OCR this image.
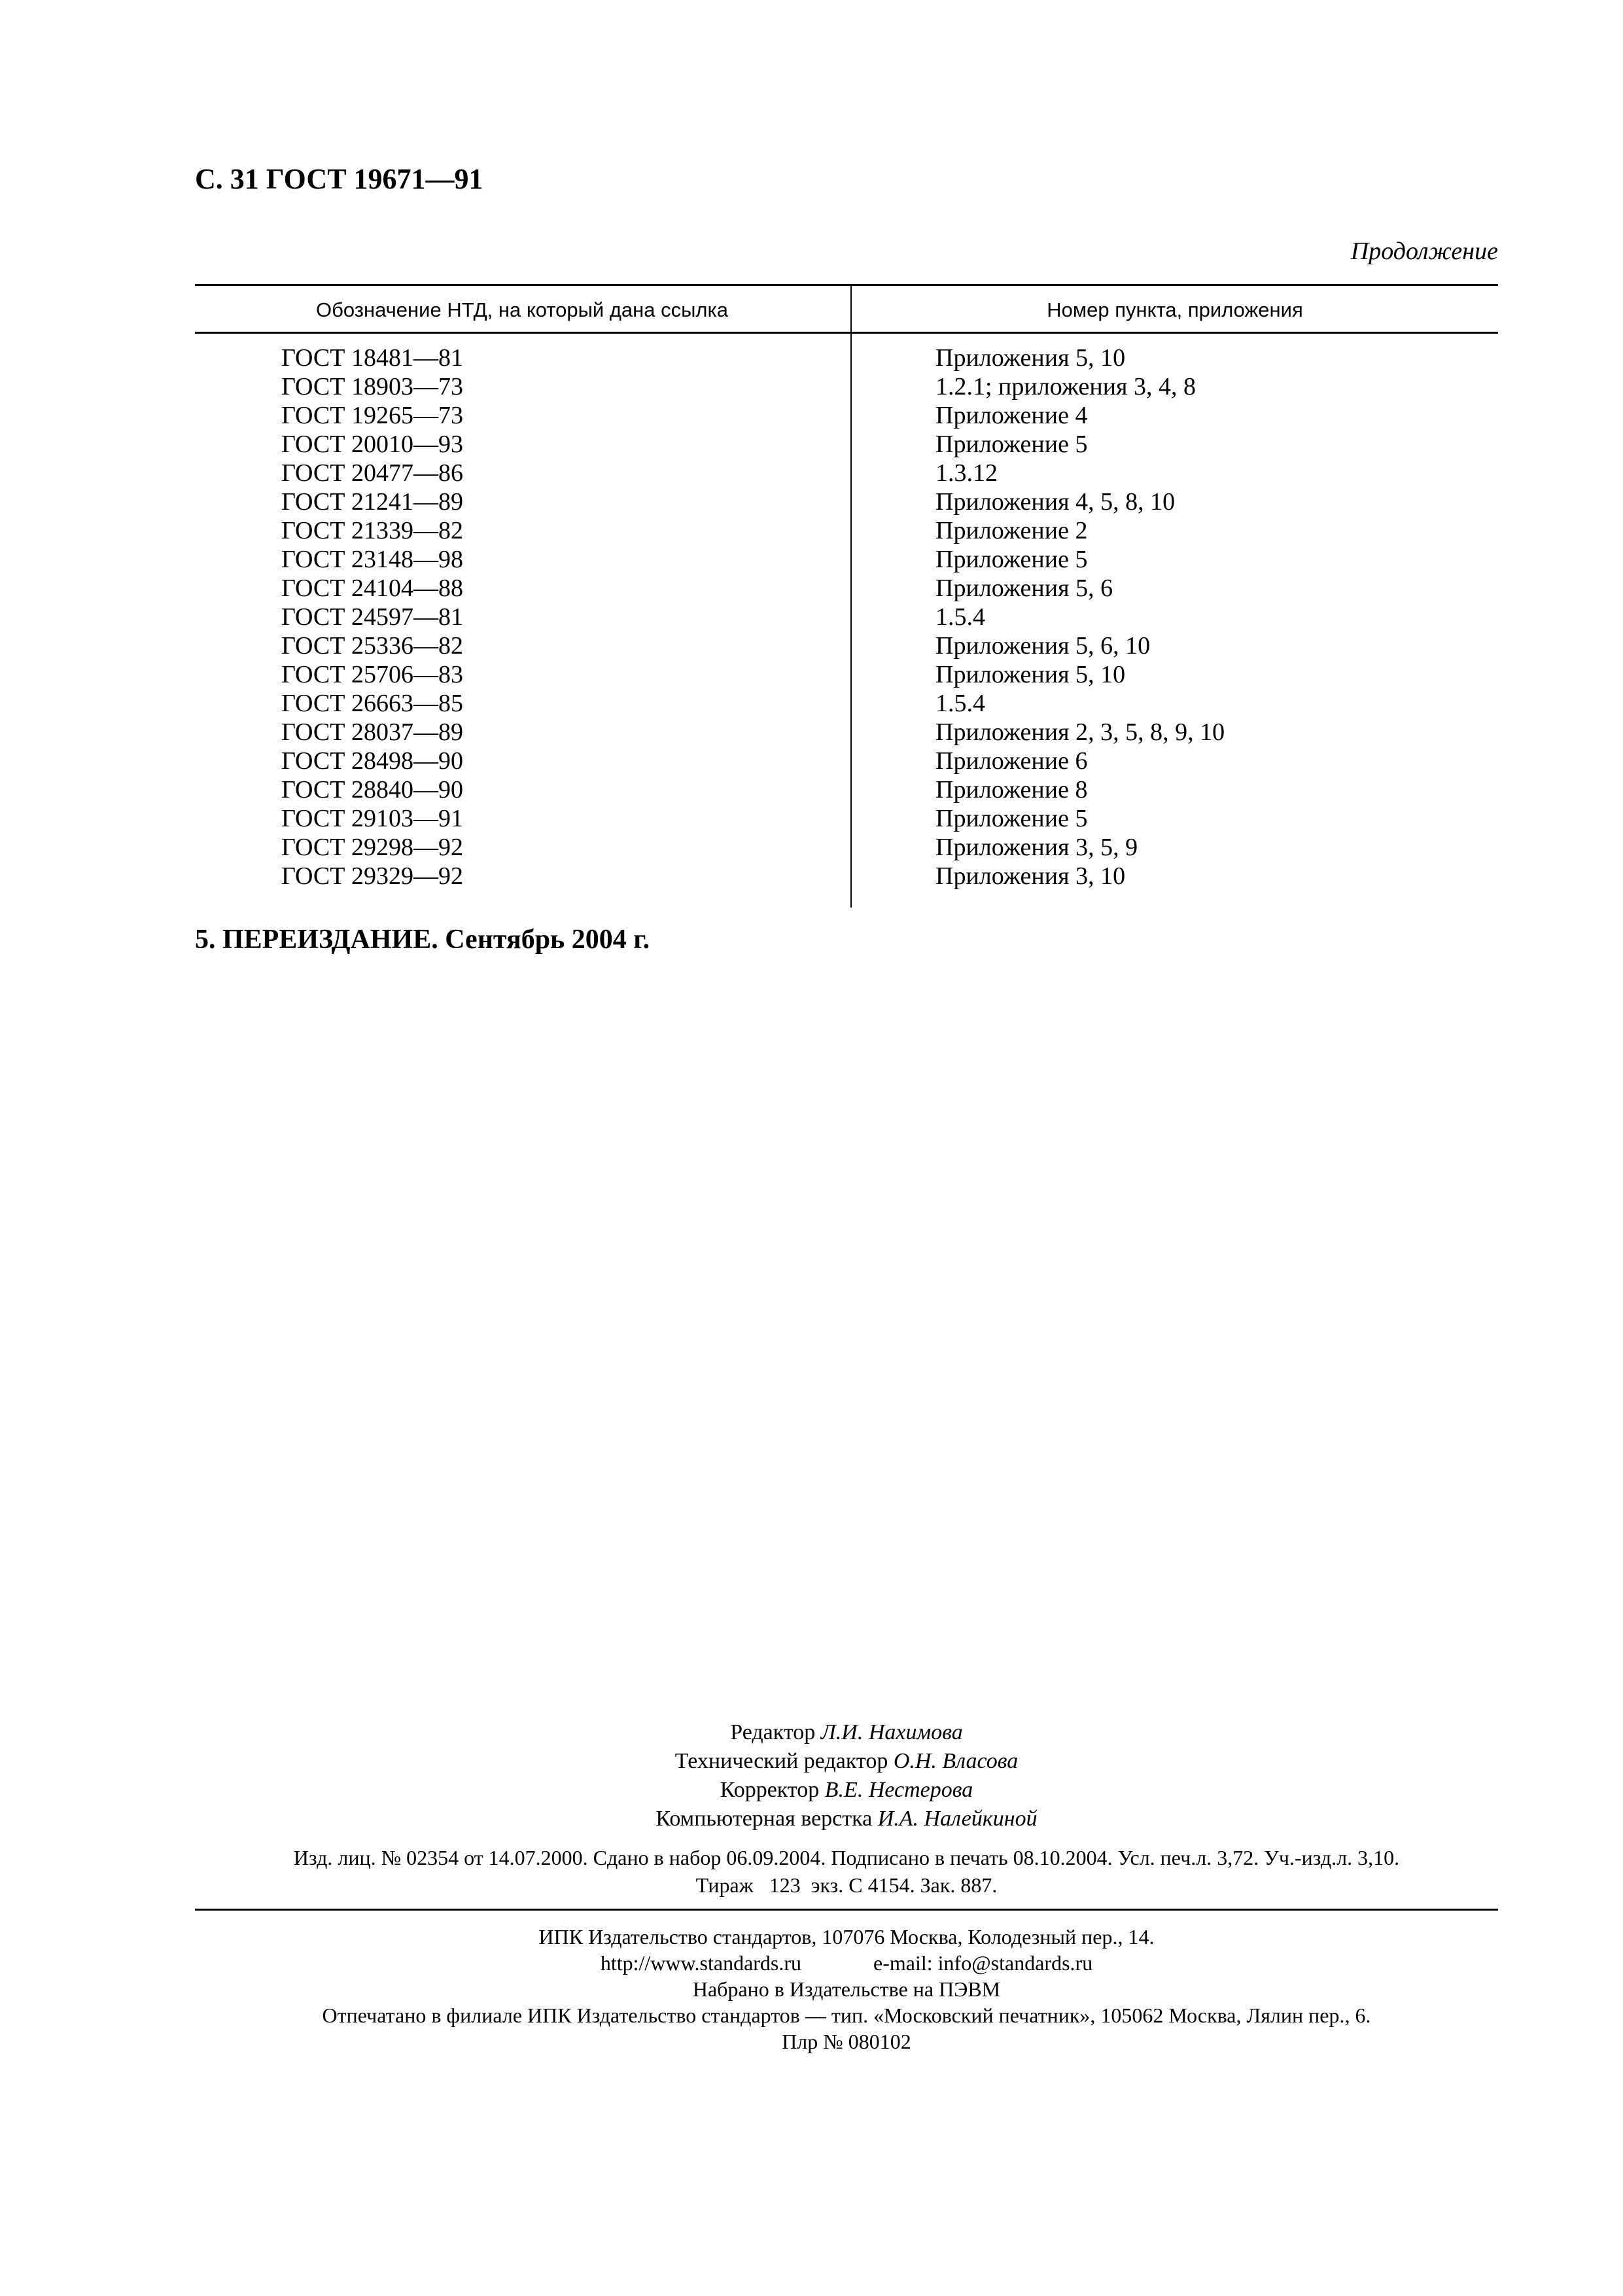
С. 31 ГОСТ 19671—91
Продолжение
Обозначение НТД, на который дана ссылка	Номер пункта, приложения
ГОСТ 18481—81	Приложения 5, 10
ГОСТ 18903—73	1.2.1; приложения 3, 4, 8
ГОСТ 19265—73	Приложение 4
ГОСТ 20010—93	Приложение 5
ГОСТ 20477—86	1.3.12
ГОСТ 21241—89	Приложения 4, 5, 8, 10
ГОСТ 21339—82	Приложение 2
ГОСТ 23148—98	Приложение 5
ГОСТ 24104—88	Приложения 5, 6
ГОСТ 24597—81	1.5.4
ГОСТ 25336—82	Приложения 5, 6, 10
ГОСТ 25706—83	Приложения 5, 10
ГОСТ 26663—85	1.5.4
ГОСТ 28037—89	Приложения 2, 3, 5, 8, 9, 10
ГОСТ 28498—90	Приложение 6
ГОСТ 28840—90	Приложение 8
ГОСТ 29103—91	Приложение 5
ГОСТ 29298—92	Приложения 3, 5, 9
ГОСТ 29329—92	Приложения 3, 10
5. ПЕРЕИЗДАНИЕ. Сентябрь 2004 г.
Редактор Л.И. Нахимова
Технический редактор О.Н. Власова
Корректор В.Е. Нестерова
Компьютерная верстка И.А. Налейкиной
Изд. лиц. № 02354 от 14.07.2000. Сдано в набор 06.09.2004. Подписано в печать 08.10.2004. Усл. печ.л. 3,72. Уч.-изд.л. 3,10.
Тираж   123  экз. С 4154. Зак. 887.
ИПК Издательство стандартов, 107076 Москва, Колодезный пер., 14.
http://www.standards.ru	e-mail: info@standards.ru
Набрано в Издательстве на ПЭВМ
Отпечатано в филиале ИПК Издательство стандартов — тип. «Московский печатник», 105062 Москва, Лялин пер., 6.
Плр № 080102
